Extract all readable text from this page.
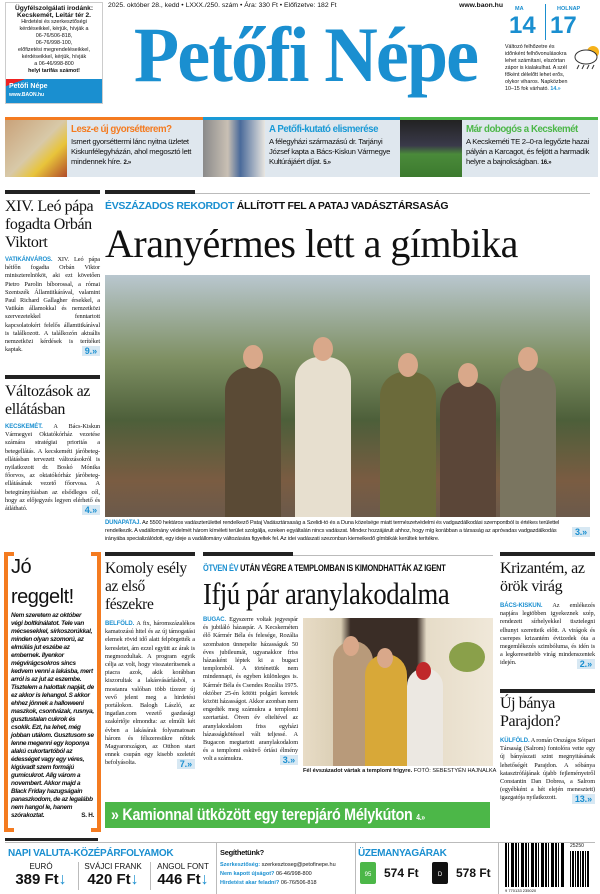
Ügyfélszolgálati irodánk:
Kecskemét, Leitár tér 2.
Hirdetési és szerkesztőségi
kérdéseikkel, kérjük, hívják a
06-76/506-818,
06-76/998-100,
előfizetési megrendeléseikkel,
kérdéseikkel, kérjük, hívják
a 06-46/998-800
helyi tarifás számot!
Petőfi Népe
www.BAON.hu
2025. október 28., kedd • LXXX./250. szám • Ára: 330 Ft • Előfizetve: 182 Ft	www.baon.hu
Petőfi Népe
MA	HOLNAP
14 17
Változó felhőzetre és időnként felhővonulásokra lehet számítani, elszórtan zápor is kialakulhat. A szél főként délelőtt lehet erős, olykor viharos. Napközben 10–15 fok várható. 14.»
Lesz-e új gyorsétterem?
Ismert gyorséttermi lánc nyitna üzletet Kiskunfélegyházán, ahol megosztó lett mindennek híre. 2.»
A Petőfi-kutató elismerése
A félegyházi származású dr. Tarjányi József kapta a Bács-Kiskun Vármegye Kultúrájáért díjat. 5.»
Már dobogós a Kecskemét
A Kecskeméti TE 2–0-ra legyőzte hazai pályán a Karcagot, és feljött a harmadik helyre a bajnokságban. 16.»
XIV. Leó pápa fogadta Orbán Viktort
VATIKÁNVÁROS. XIV. Leó pápa hétfőn fogadta Orbán Viktor miniszterelnököt, aki ezt követően Pietro Parolin bíborossal, a római Szentszék Államtitkárával, valamint Paul Richard Gallagher érsekkel, a Vatikán államokkal és nemzetközi szervezetekkel fenntartott kapcsolatokért felelős államtitkárával is találkozott. A találkozón aktuális nemzetközi kérdések is terítéket kaptak.	9.»
Változások az ellátásban
KECSKEMÉT. A Bács-Kiskun Vármegyei Oktatókórház vezetése számára stratégiai prioritás a betegellátás. A kecskeméti járóbeteg-ellátásban tervezett változásokról is nyilatkozott dr. Boskó Mónika főorvos, az oktatókórház járóbeteg-ellátásának vezető főorvosa. A betegirányításban az elsődleges cél, hogy az előjegyzés legyen elérhető és átlátható.	4.»
ÉVSZÁZADOS REKORDOT ÁLLÍTOTT FEL A PATAJ VADÁSZTÁRSASÁG
Aranyérmes lett a gímbika
3.»
DUNAPATAJ. Az 5500 hektáros vadászterülettel rendelkező Pataj Vadásztársaság a Szelidi-tó és a Duna közelsége miatt természetvédelmi és vadgazdálkodási szempontból is értékes területtel rendelkezik. A vadállomány védelmét három kíméleti terület szolgálja, ezeken egyáltalán nincs vadászat. Mindez hozzájárult ahhoz, hogy míg korábban a társaság az apróvadas vadgazdálkodás irányába specializálódott, egy ideje a vadállomány változására figyeltek fel. Az idei vadászati szezonban kiemelkedő gímbikák kerültek terítékre.
Jó reggelt!
Nem szeretem az október végi boltkínálatot. Tele van mécsesekkel, sírkoszorúkkal, minden olyan szomorú, az elmúlás jut eszébe az embernek. Ilyenkor mégvirágcsokros sincs kedvem venni a lakásba, mert arról is az jut az eszembe. Tisztelem a halottak napját, de ez akkor is lehangol. S akkor ehhez jönnek a halloweeni maszkok, csontvázak, rusnya, gusztustalan cukrok és csokik. Ezt, ha lehet, még jobban utálom. Gusztusom se lenne megenni egy koponya alakú cukortartóból az édességet vagy egy véres, kigúvadt szem formájú gumicukrot. Alig várom a novembert. Akkor majd a Black Friday hazugságain panaszkodom, de az legalább nem hangol le, hanem szórakoztat.	S. H.
Komoly esély az első fészekre
BELFÖLD. A fix, háromszázalékos kamatozású hitel és az új támogatási elemek rövid idő alatt felpörgették a keresletet, ám ezzel együtt az árak is megmozdultak. A program egyik célja az volt, hogy visszaterítsenek a piacra azok, akik korábban kiszorultak a lakásvásárlásból, s mostanra valóban több tízezer új vevő jelent meg a hirdetési portálokon. Balogh László, az ingatlan.com vezető gazdasági szakértője elmondta: az elmúlt két évben a lakásárak folyamatosan három és félszeresükre nőttek Magyarországon, az Otthon start ennek csupán egy kisebb szeletét befolyásolta.	7.»
ÖTVEN ÉV UTÁN VÉGRE A TEMPLOMBAN IS KIMONDHATTÁK AZ IGENT
Ifjú pár aranylakodalma
BUGAC. Egyszerre voltak jegyespár és jubiláló házaspár. A Kecskeméten élő Kármér Béla és felesége, Rozália szombaton ünnepelte házasságuk 50 éves jubileumát, ugyanakkor friss házasként léptek ki a bugaci templomból. A történetük nem mindennapi, és egyben különleges is. Kármér Béla és Csendes Rozália 1975. október 25-én kötött polgári keretek között házasságot. Akkor azonban nem engedték meg számukra a templomi szertartást. Ötven év elteltével az aranylakodalom friss egyházi házasságkötéssel vált teljessé. A Bugacon megtartott aranylakodalom és a templomi esküvő óriási élmény volt a számukra.	3.»
Fél évszázadot vártak a templomi frigyre. FOTÓ: SEBESTYÉN HAJNALKA
Krizantém, az örök virág
BÁCS-KISKUN. Az emlékezés napjára legtöbben igyekeznek szép, rendezett sírhelyekkel tisztelegni elhunyt szeretteik előtt. A virágok és cserepes krizantém évtizedek óta a megemlékezés szimbóluma, és idén is a legkeresettebb virág mindenszentek idején.	2.»
Új bánya Parajdon?
KÜLFÖLD. A román Országos Sóipari Társaság (Salrom) fontolóra vette egy új bányászati szint megnyitásának lehetőségét Parajdon. A sóbánya katasztrófájának újabb fejleményeiről Constantin Dan Dobrea, a Salrom (egyébként a hét elején menesztett) igazgatója nyilatkozott.	13.»
» Kamionnal ütközött egy terepjáró Mélykúton 4.»
NAPI VALUTA-KÖZÉPÁRFOLYAMOK
EURÓ
389 Ft↓
SVÁJCI FRANK
420 Ft↓
ANGOL FONT
446 Ft↓
Segíthetünk?
Szerkesztőség: szerkesztoseg@petofinepe.hu
Nem kapott újságot? 06-46/998-800
Hirdetést akar feladni? 06-76/506-818
ÜZEMANYAGÁRAK
95	574 Ft	D	578 Ft
9 770133 235020
25250
